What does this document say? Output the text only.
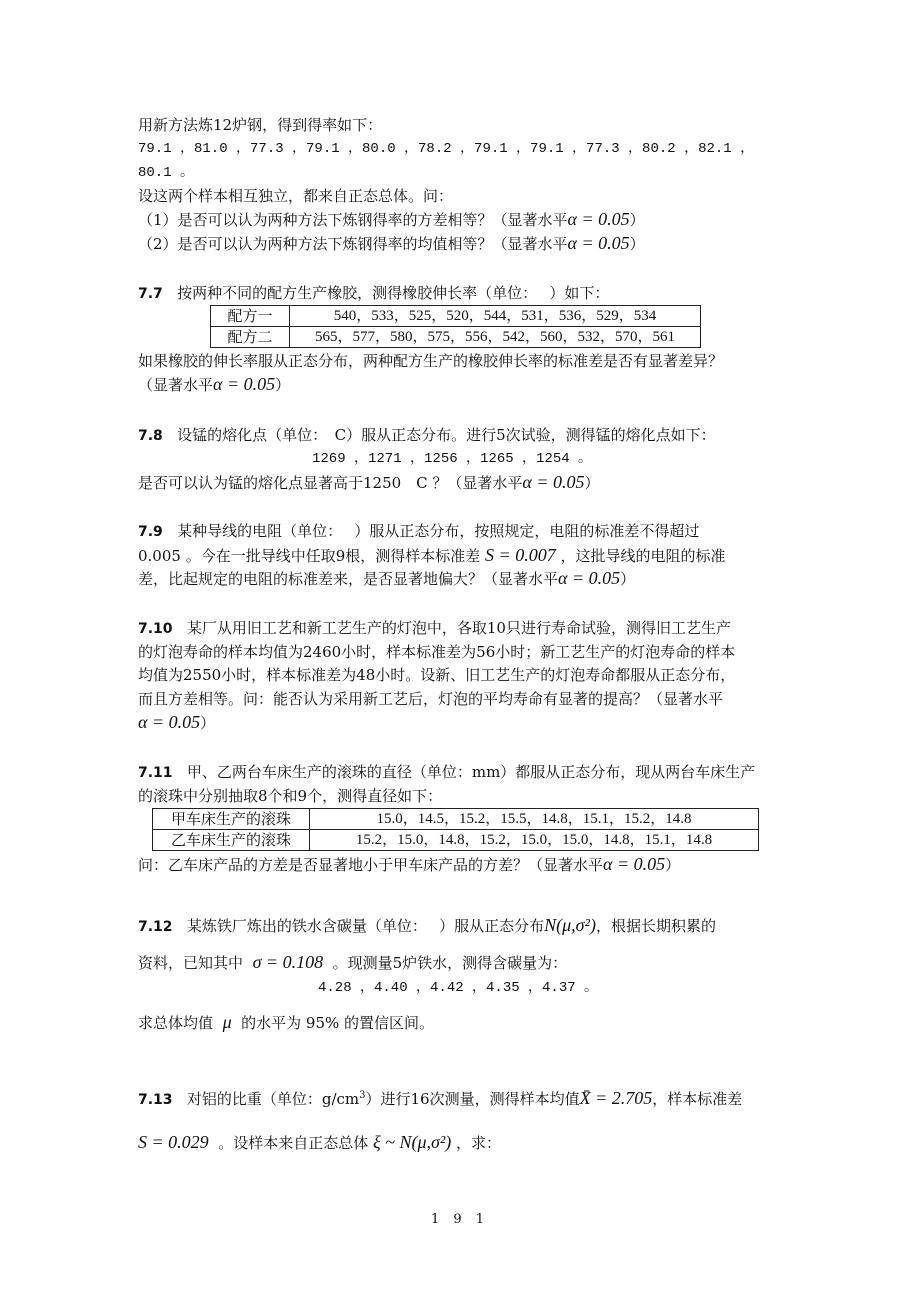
用新方法炼12炉钢，得到得率如下：
79.1 ，81.0 ，77.3 ，79.1 ，80.0 ，78.2 ，79.1 ，79.1 ，77.3 ，80.2 ，82.1 ，
80.1 。
设这两个样本相互独立，都来自正态总体。问：
（1）是否可以认为两种方法下炼钢得率的方差相等？（显著水平α = 0.05）
（2）是否可以认为两种方法下炼钢得率的均值相等？（显著水平α = 0.05）
7.7 按两种不同的配方生产橡胶，测得橡胶伸长率（单位：　 ）如下：
配方一	540，533，525，520，544，531，536，529，534
配方二	565，577，580，575，556，542，560，532，570，561
如果橡胶的伸长率服从正态分布，两种配方生产的橡胶伸长率的标准差是否有显著差异？
（显著水平α = 0.05）
7.8 设锰的熔化点（单位：　C）服从正态分布。进行5次试验，测得锰的熔化点如下：
1269 ，1271 ，1256 ，1265 ，1254 。
是否可以认为锰的熔化点显著高于1250　C ？（显著水平α = 0.05）
7.9 某种导线的电阻（单位：　 ）服从正态分布，按照规定，电阻的标准差不得超过
0.005 。今在一批导线中任取9根，测得样本标准差 S = 0.007 ，这批导线的电阻的标准
差，比起规定的电阻的标准差来，是否显著地偏大？（显著水平α = 0.05）
7.10 某厂从用旧工艺和新工艺生产的灯泡中，各取10只进行寿命试验，测得旧工艺生产
的灯泡寿命的样本均值为2460小时，样本标准差为56小时；新工艺生产的灯泡寿命的样本
均值为2550小时，样本标准差为48小时。设新、旧工艺生产的灯泡寿命都服从正态分布，
而且方差相等。问：能否认为采用新工艺后，灯泡的平均寿命有显著的提高？（显著水平
α = 0.05）
7.11 甲、乙两台车床生产的滚珠的直径（单位：mm）都服从正态分布，现从两台车床生产
的滚珠中分别抽取8个和9个，测得直径如下：
甲车床生产的滚珠	15.0，14.5，15.2，15.5，14.8，15.1，15.2，14.8
乙车床生产的滚珠	15.2，15.0，14.8，15.2，15.0，15.0，14.8，15.1，14.8
问：乙车床产品的方差是否显著地小于甲车床产品的方差？（显著水平α = 0.05）
7.12 某炼铁厂炼出的铁水含碳量（单位：　 ）服从正态分布N(μ,σ²)，根据长期积累的
资料，已知其中 σ = 0.108 。现测量5炉铁水，测得含碳量为：
4.28 ，4.40 ，4.42 ，4.35 ，4.37 。
求总体均值 μ 的水平为 95% 的置信区间。
7.13 对铝的比重（单位：$g/cm^3$）进行16次测量，测得样本均值X̄ = 2.705，样本标准差
S = 0.029 。设样本来自正态总体 ξ ~ N(μ,σ²) ，求：
1 9 1
